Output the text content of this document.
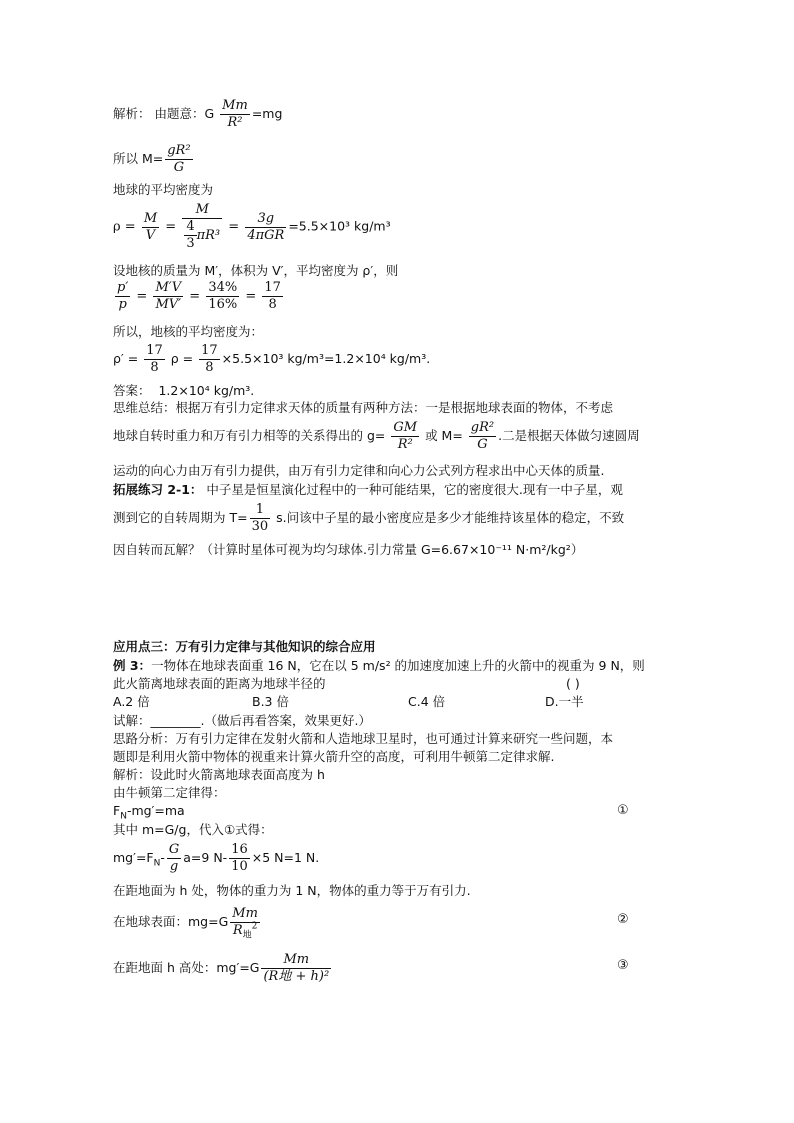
解析： 由题意：G $\frac{Mm}{\text{R²}} =mg$
所以 $M= \frac{\text{gR²}}{G}$
地球的平均密度为
$\rho = \frac{M}{V} = \frac{M}{\frac{4}{3} \pi R^3} = \frac{3g}{\text{4πGR}} =5.5\times 10^3$ kg/m³
设地核的质量为 M′，体积为 V′，平均密度为 ρ′，则
$\frac{p'}{p} = \frac{M'V}{MV'} = \frac{34\%}{16\%} = \frac{17}{8}$
所以，地核的平均密度为：
$\rho' = \frac{17}{8}$ $\rho = \frac{17}{8} \times 5.5\times 10^3$ kg/m³=1.2×10⁴ kg/m³.
答案： 1.2×10⁴ kg/m³.
思维总结：根据万有引力定律求天体的质量有两种方法：一是根据地球表面的物体，不考虑
地球自转时重力和万有引力相等的关系得出的 $g= \frac{GM}{\text{R²}}$ 或 $M= \frac{\text{gR²}}{G}$ .二是根据天体做匀速圆周
运动的向心力由万有引力提供，由万有引力定律和向心力公式列方程求出中心天体的质量.
拓展练习 2-1： 中子星是恒星演化过程中的一种可能结果，它的密度很大.现有一中子星，观
测到它的自转周期为 $T= \frac{1}{30} s$.问该中子星的最小密度应是多少才能维持该星体的稳定，不致
因自转而瓦解？（计算时星体可视为均匀球体.引力常量 G=6.67×10⁻¹¹ N·m²/kg²）
应用点三：万有引力定律与其他知识的综合应用
例 3：一物体在地球表面重 16 N，它在以 5 m/s² 的加速度加速上升的火箭中的视重为 9 N，则
此火箭离地球表面的距离为地球半径的	( )
A.2 倍	B.3 倍	C.4 倍	D.一半
试解：________.（做后再看答案，效果更好.）
思路分析：万有引力定律在发射火箭和人造地球卫星时，也可通过计算来研究一些问题，本
题即是利用火箭中物体的视重来计算火箭升空的高度，可利用牛顿第二定律求解.
解析：设此时火箭离地球表面高度为 h
由牛顿第二定律得：
$F_N-mg'=ma$	①
其中 m=G/g，代入①式得：
$mg'=F_N- \frac{G}{g} a=9$ $N- \frac{16}{10} \times 5$ N=1 N.
在距地面为 h 处，物体的重力为 1 N，物体的重力等于万有引力.
在地球表面：$mg=G \frac{Mm}{R_地^2}$	②
在距地面 h 高处：$mg'=G \frac{Mm}{\text{(R地 + h)²}}$	③
